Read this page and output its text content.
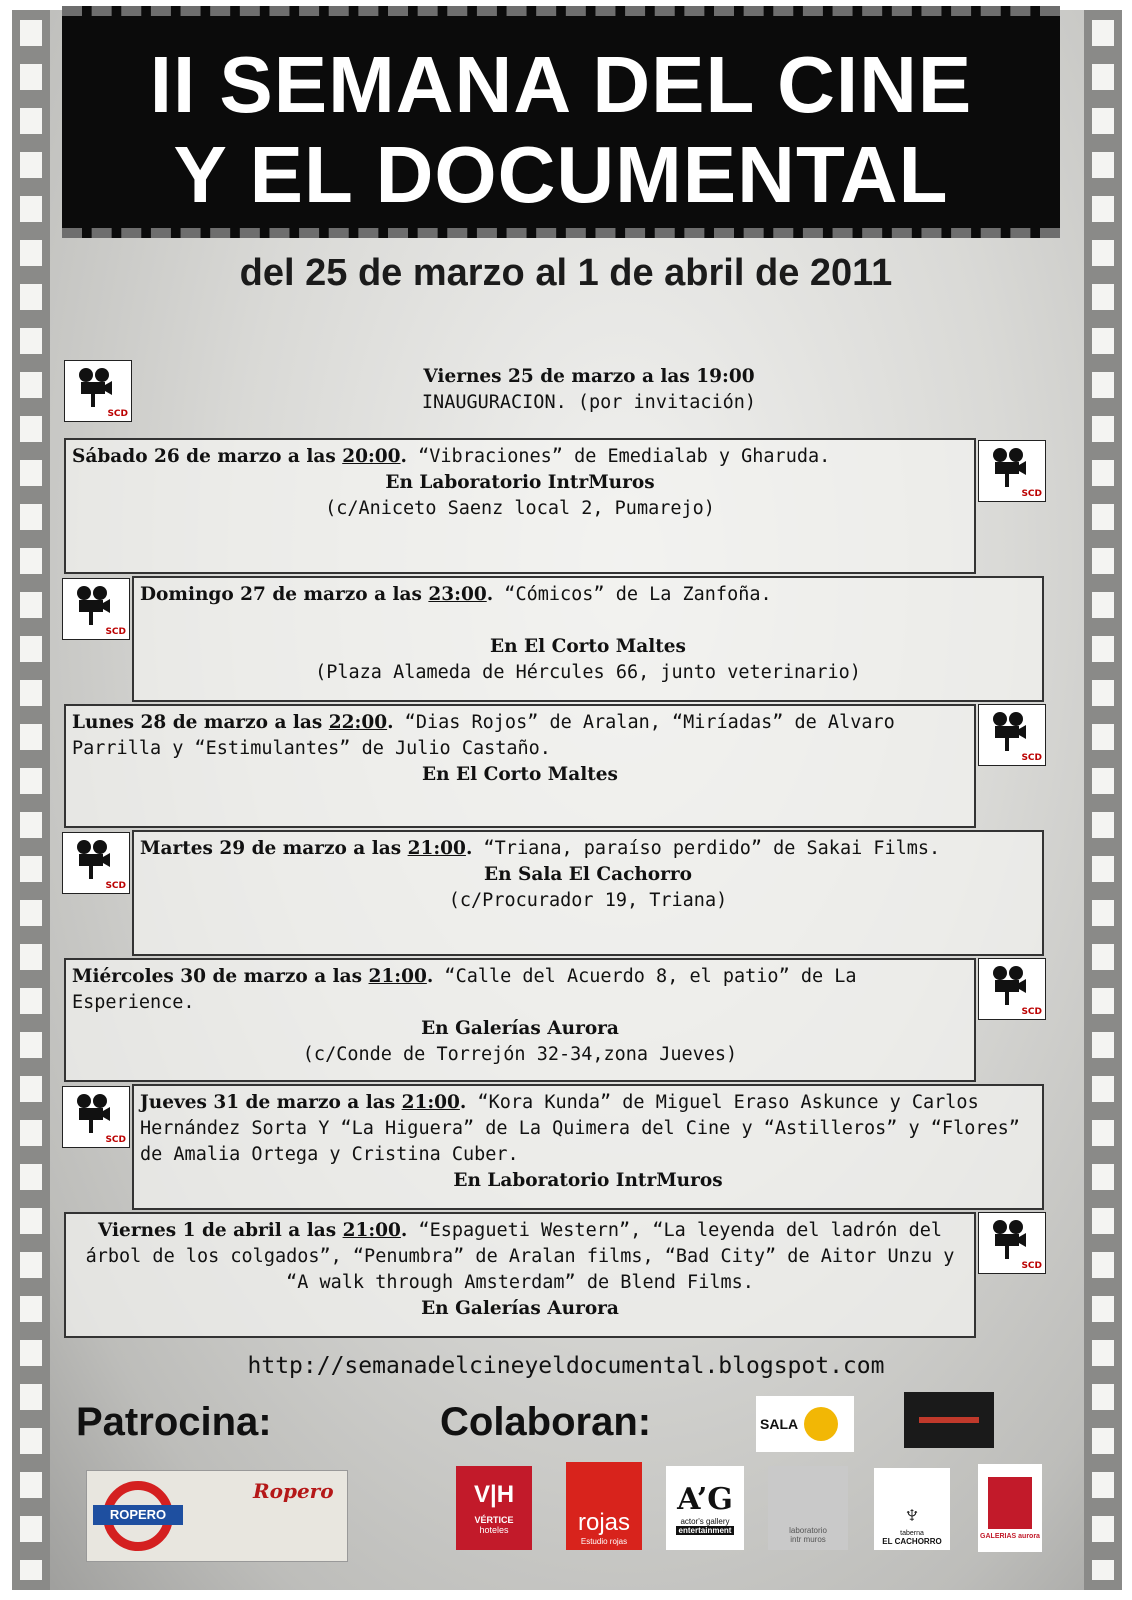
II SEMANA DEL CINE
Y EL DOCUMENTAL
del 25 de marzo al 1 de abril de 2011
SCD
Viernes 25 de marzo a las 19:00
INAUGURACION. (por invitación)
Sábado 26 de marzo a las 20:00. “Vibraciones” de Emedialab y Gharuda.
En Laboratorio IntrMuros
(c/Aniceto Saenz local 2, Pumarejo)
SCD
SCD
Domingo 27 de marzo a las 23:00. “Cómicos” de La Zanfoña.
En El Corto Maltes
(Plaza Alameda de Hércules 66, junto veterinario)
Lunes 28 de marzo a las 22:00. “Dias Rojos” de Aralan, “Miríadas” de Alvaro Parrilla y “Estimulantes” de Julio Castaño.
En El Corto Maltes
SCD
SCD
Martes 29 de marzo a las 21:00. “Triana, paraíso perdido” de Sakai Films.
En Sala El Cachorro
(c/Procurador 19, Triana)
Miércoles 30 de marzo a las 21:00. “Calle del Acuerdo 8, el patio” de La Esperience.
En Galerías Aurora
(c/Conde de Torrejón 32-34,zona Jueves)
SCD
SCD
Jueves 31 de marzo a las 21:00. “Kora Kunda” de Miguel Eraso Askunce y Carlos Hernández Sorta Y “La Higuera” de La Quimera del Cine y “Astilleros” y “Flores” de Amalia Ortega y Cristina Cuber.
En Laboratorio IntrMuros
Viernes 1 de abril a las 21:00. “Espagueti Western”, “La leyenda del ladrón del árbol de los colgados”, “Penumbra” de Aralan films, “Bad City” de Aitor Unzu y “A walk through Amsterdam” de Blend Films.
En Galerías Aurora
SCD
http://semanadelcineyeldocumental.blogspot.com
Patrocina:	Colaboran:
ROPERO
Ropero
SALA
V|H
VÉRTICE
hoteles	rojas
Estudio rojas
A’G
actor's gallery
entertainment	laboratorio
intr muros
♆
taberna
EL CACHORRO
GALERIAS aurora
